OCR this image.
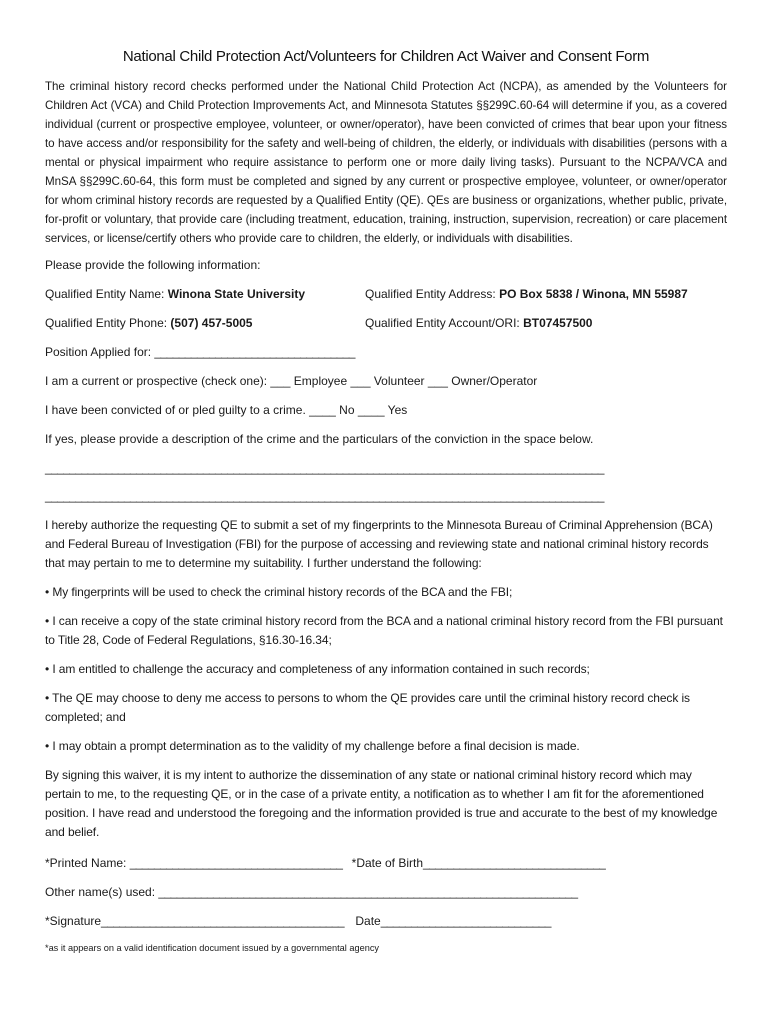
National Child Protection Act/Volunteers for Children Act Waiver and Consent Form

The criminal history record checks performed under the National Child Protection Act (NCPA), as amended by the Volunteers for Children Act (VCA) and Child Protection Improvements Act, and Minnesota Statutes §§299C.60-64 will determine if you, as a covered individual (current or prospective employee, volunteer, or owner/operator), have been convicted of crimes that bear upon your fitness to have access and/or responsibility for the safety and well-being of children, the elderly, or individuals with disabilities (persons with a mental or physical impairment who require assistance to perform one or more daily living tasks). Pursuant to the NCPA/VCA and MnSA §§299C.60-64, this form must be completed and signed by any current or prospective employee, volunteer, or owner/operator for whom criminal history records are requested by a Qualified Entity (QE). QEs are business or organizations, whether public, private, for-profit or voluntary, that provide care (including treatment, education, training, instruction, supervision, recreation) or care placement services, or license/certify others who provide care to children, the elderly, or individuals with disabilities.

Please provide the following information:
Qualified Entity Name: Winona State University	Qualified Entity Address: PO Box 5838 / Winona, MN 55987
Qualified Entity Phone: (507) 457-5005	Qualified Entity Account/ORI: BT07457500
Position Applied for: _________________________________
I am a current or prospective (check one): ___ Employee ___ Volunteer ___ Owner/Operator
I have been convicted of or pled guilty to a crime. ____ No ____ Yes
If yes, please provide a description of the crime and the particulars of the conviction in the space below.
____________________________________________________________________________________________
____________________________________________________________________________________________

I hereby authorize the requesting QE to submit a set of my fingerprints to the Minnesota Bureau of Criminal Apprehension (BCA) and Federal Bureau of Investigation (FBI) for the purpose of accessing and reviewing state and national criminal history records that may pertain to me to determine my suitability. I further understand the following:

• My fingerprints will be used to check the criminal history records of the BCA and the FBI;

• I can receive a copy of the state criminal history record from the BCA and a national criminal history record from the FBI pursuant to Title 28, Code of Federal Regulations, §16.30-16.34;

• I am entitled to challenge the accuracy and completeness of any information contained in such records;

• The QE may choose to deny me access to persons to whom the QE provides care until the criminal history record check is completed; and

• I may obtain a prompt determination as to the validity of my challenge before a final decision is made.

By signing this waiver, it is my intent to authorize the dissemination of any state or national criminal history record which may pertain to me, to the requesting QE, or in the case of a private entity, a notification as to whether I am fit for the aforementioned position. I have read and understood the foregoing and the information provided is true and accurate to the best of my knowledge and belief.

*Printed Name: ___________________________________ *Date of Birth______________________________
Other name(s) used: _____________________________________________________________________
*Signature________________________________________ Date____________________________
*as it appears on a valid identification document issued by a governmental agency
